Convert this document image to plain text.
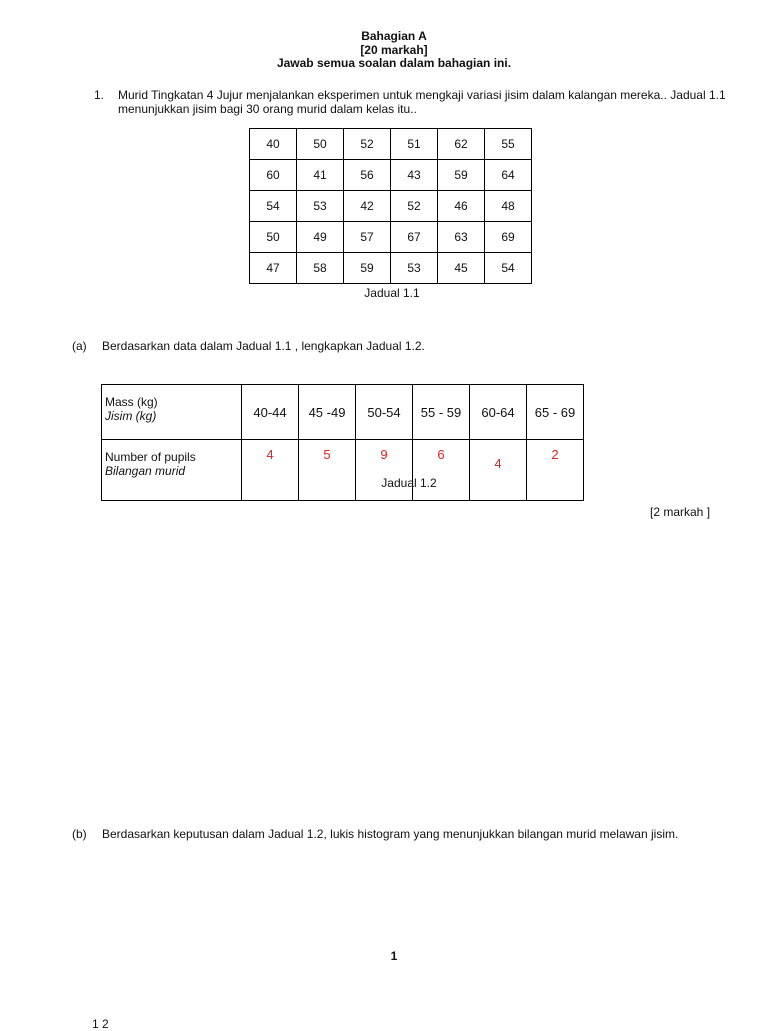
Bahagian A
[20 markah]
Jawab semua soalan dalam bahagian ini.
1. Murid Tingkatan 4 Jujur menjalankan eksperimen untuk mengkaji variasi jisim dalam kalangan mereka.. Jadual 1.1 menunjukkan jisim bagi 30 orang murid dalam kelas itu..
40	50	52	51	62	55
60	41	56	43	59	64
54	53	42	52	46	48
50	49	57	67	63	69
47	58	59	53	45	54
Jadual 1.1
(a) Berdasarkan data dalam Jadual 1.1 , lengkapkan Jadual 1.2.
Mass (kg)
Jisim (kg)	40-44	45 -49	50-54	55 - 59	60-64	65 - 69

Number of pupils
Bilangan murid	4	5	9	6	4	2
Jadual 1.2
[2 markah ]
(b) Berdasarkan keputusan dalam Jadual 1.2, lukis histogram yang menunjukkan bilangan murid melawan jisim.
1
1 2
